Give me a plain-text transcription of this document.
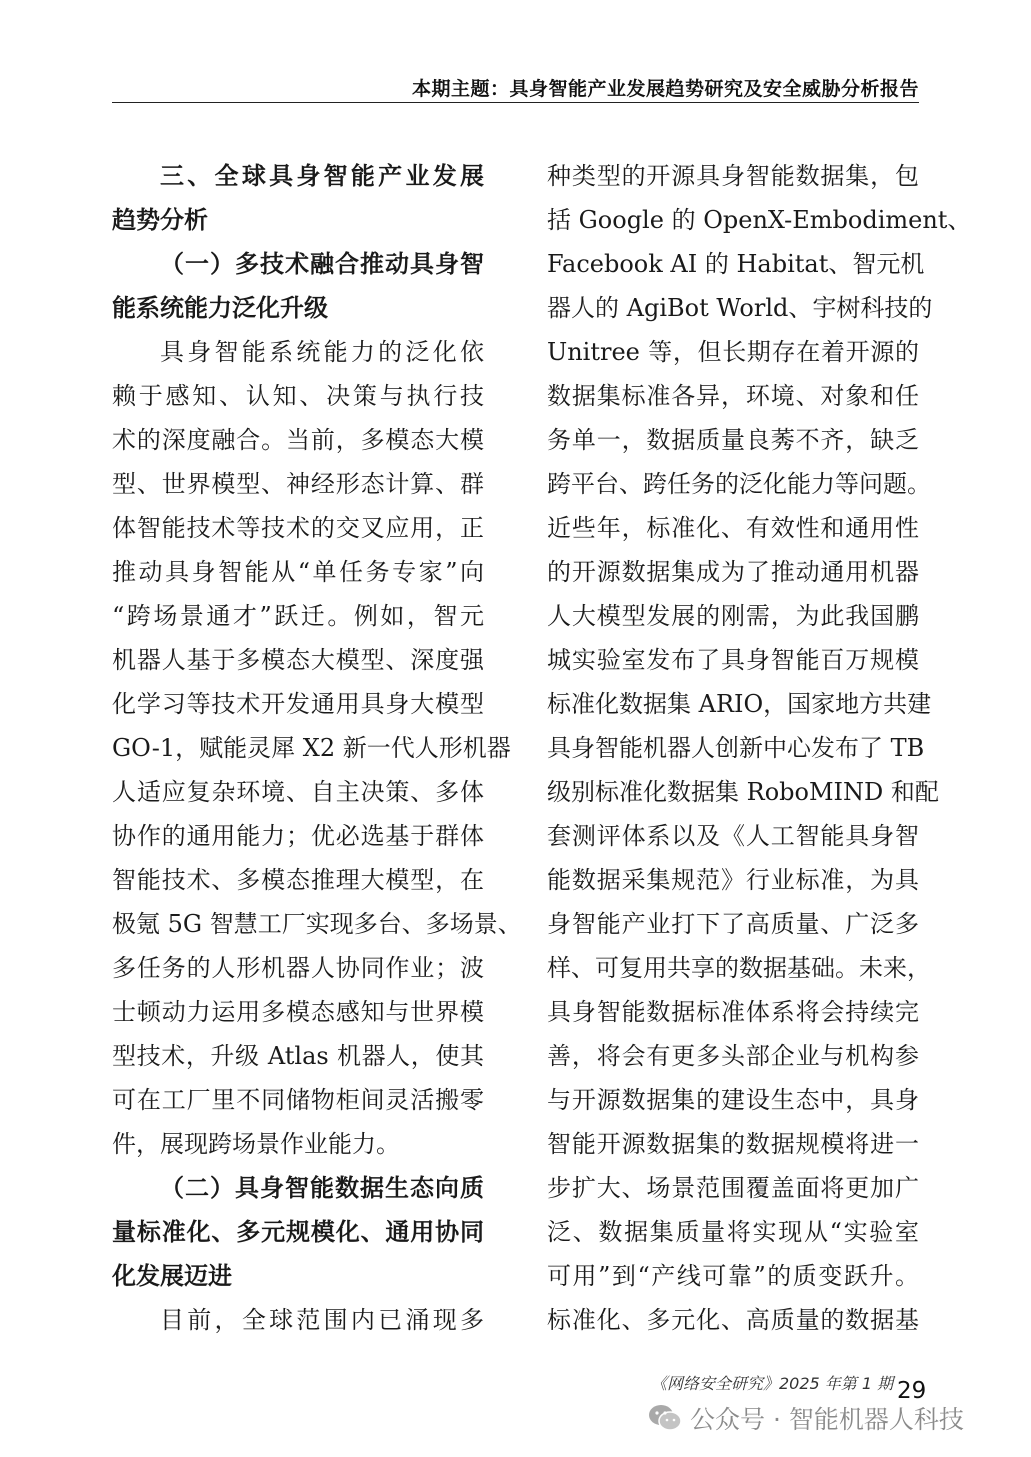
本期主题：具身智能产业发展趋势研究及安全威胁分析报告
三、全球具身智能产业发展
趋势分析
（一）多技术融合推动具身智
能系统能力泛化升级
具身智能系统能力的泛化依
赖于感知、认知、决策与执行技
术的深度融合。当前，多模态大模
型、世界模型、神经形态计算、群
体智能技术等技术的交叉应用，正
推动具身智能从“单任务专家”向
“跨场景通才”跃迁。例如，智元
机器人基于多模态大模型、深度强
化学习等技术开发通用具身大模型
GO-1，赋能灵犀 X2 新一代人形机器
人适应复杂环境、自主决策、多体
协作的通用能力；优必选基于群体
智能技术、多模态推理大模型，在
极氪 5G 智慧工厂实现多台、多场景、
多任务的人形机器人协同作业；波
士顿动力运用多模态感知与世界模
型技术，升级 Atlas 机器人，使其
可在工厂里不同储物柜间灵活搬零
件，展现跨场景作业能力。
（二）具身智能数据生态向质
量标准化、多元规模化、通用协同
化发展迈进
目前，全球范围内已涌现多
种类型的开源具身智能数据集，包
括 Google 的 OpenX-Embodiment、
Facebook AI 的 Habitat、智元机
器人的 AgiBot World、宇树科技的
Unitree 等，但长期存在着开源的
数据集标准各异，环境、对象和任
务单一，数据质量良莠不齐，缺乏
跨平台、跨任务的泛化能力等问题。
近些年，标准化、有效性和通用性
的开源数据集成为了推动通用机器
人大模型发展的刚需，为此我国鹏
城实验室发布了具身智能百万规模
标准化数据集 ARIO，国家地方共建
具身智能机器人创新中心发布了 TB
级别标准化数据集 RoboMIND 和配
套测评体系以及《人工智能具身智
能数据采集规范》行业标准，为具
身智能产业打下了高质量、广泛多
样、可复用共享的数据基础。未来，
具身智能数据标准体系将会持续完
善，将会有更多头部企业与机构参
与开源数据集的建设生态中，具身
智能开源数据集的数据规模将进一
步扩大、场景范围覆盖面将更加广
泛、数据集质量将实现从“实验室
可用”到“产线可靠”的质变跃升。
标准化、多元化、高质量的数据基
《网络安全研究》2025 年第 1 期 29
公众号 · 智能机器人科技
